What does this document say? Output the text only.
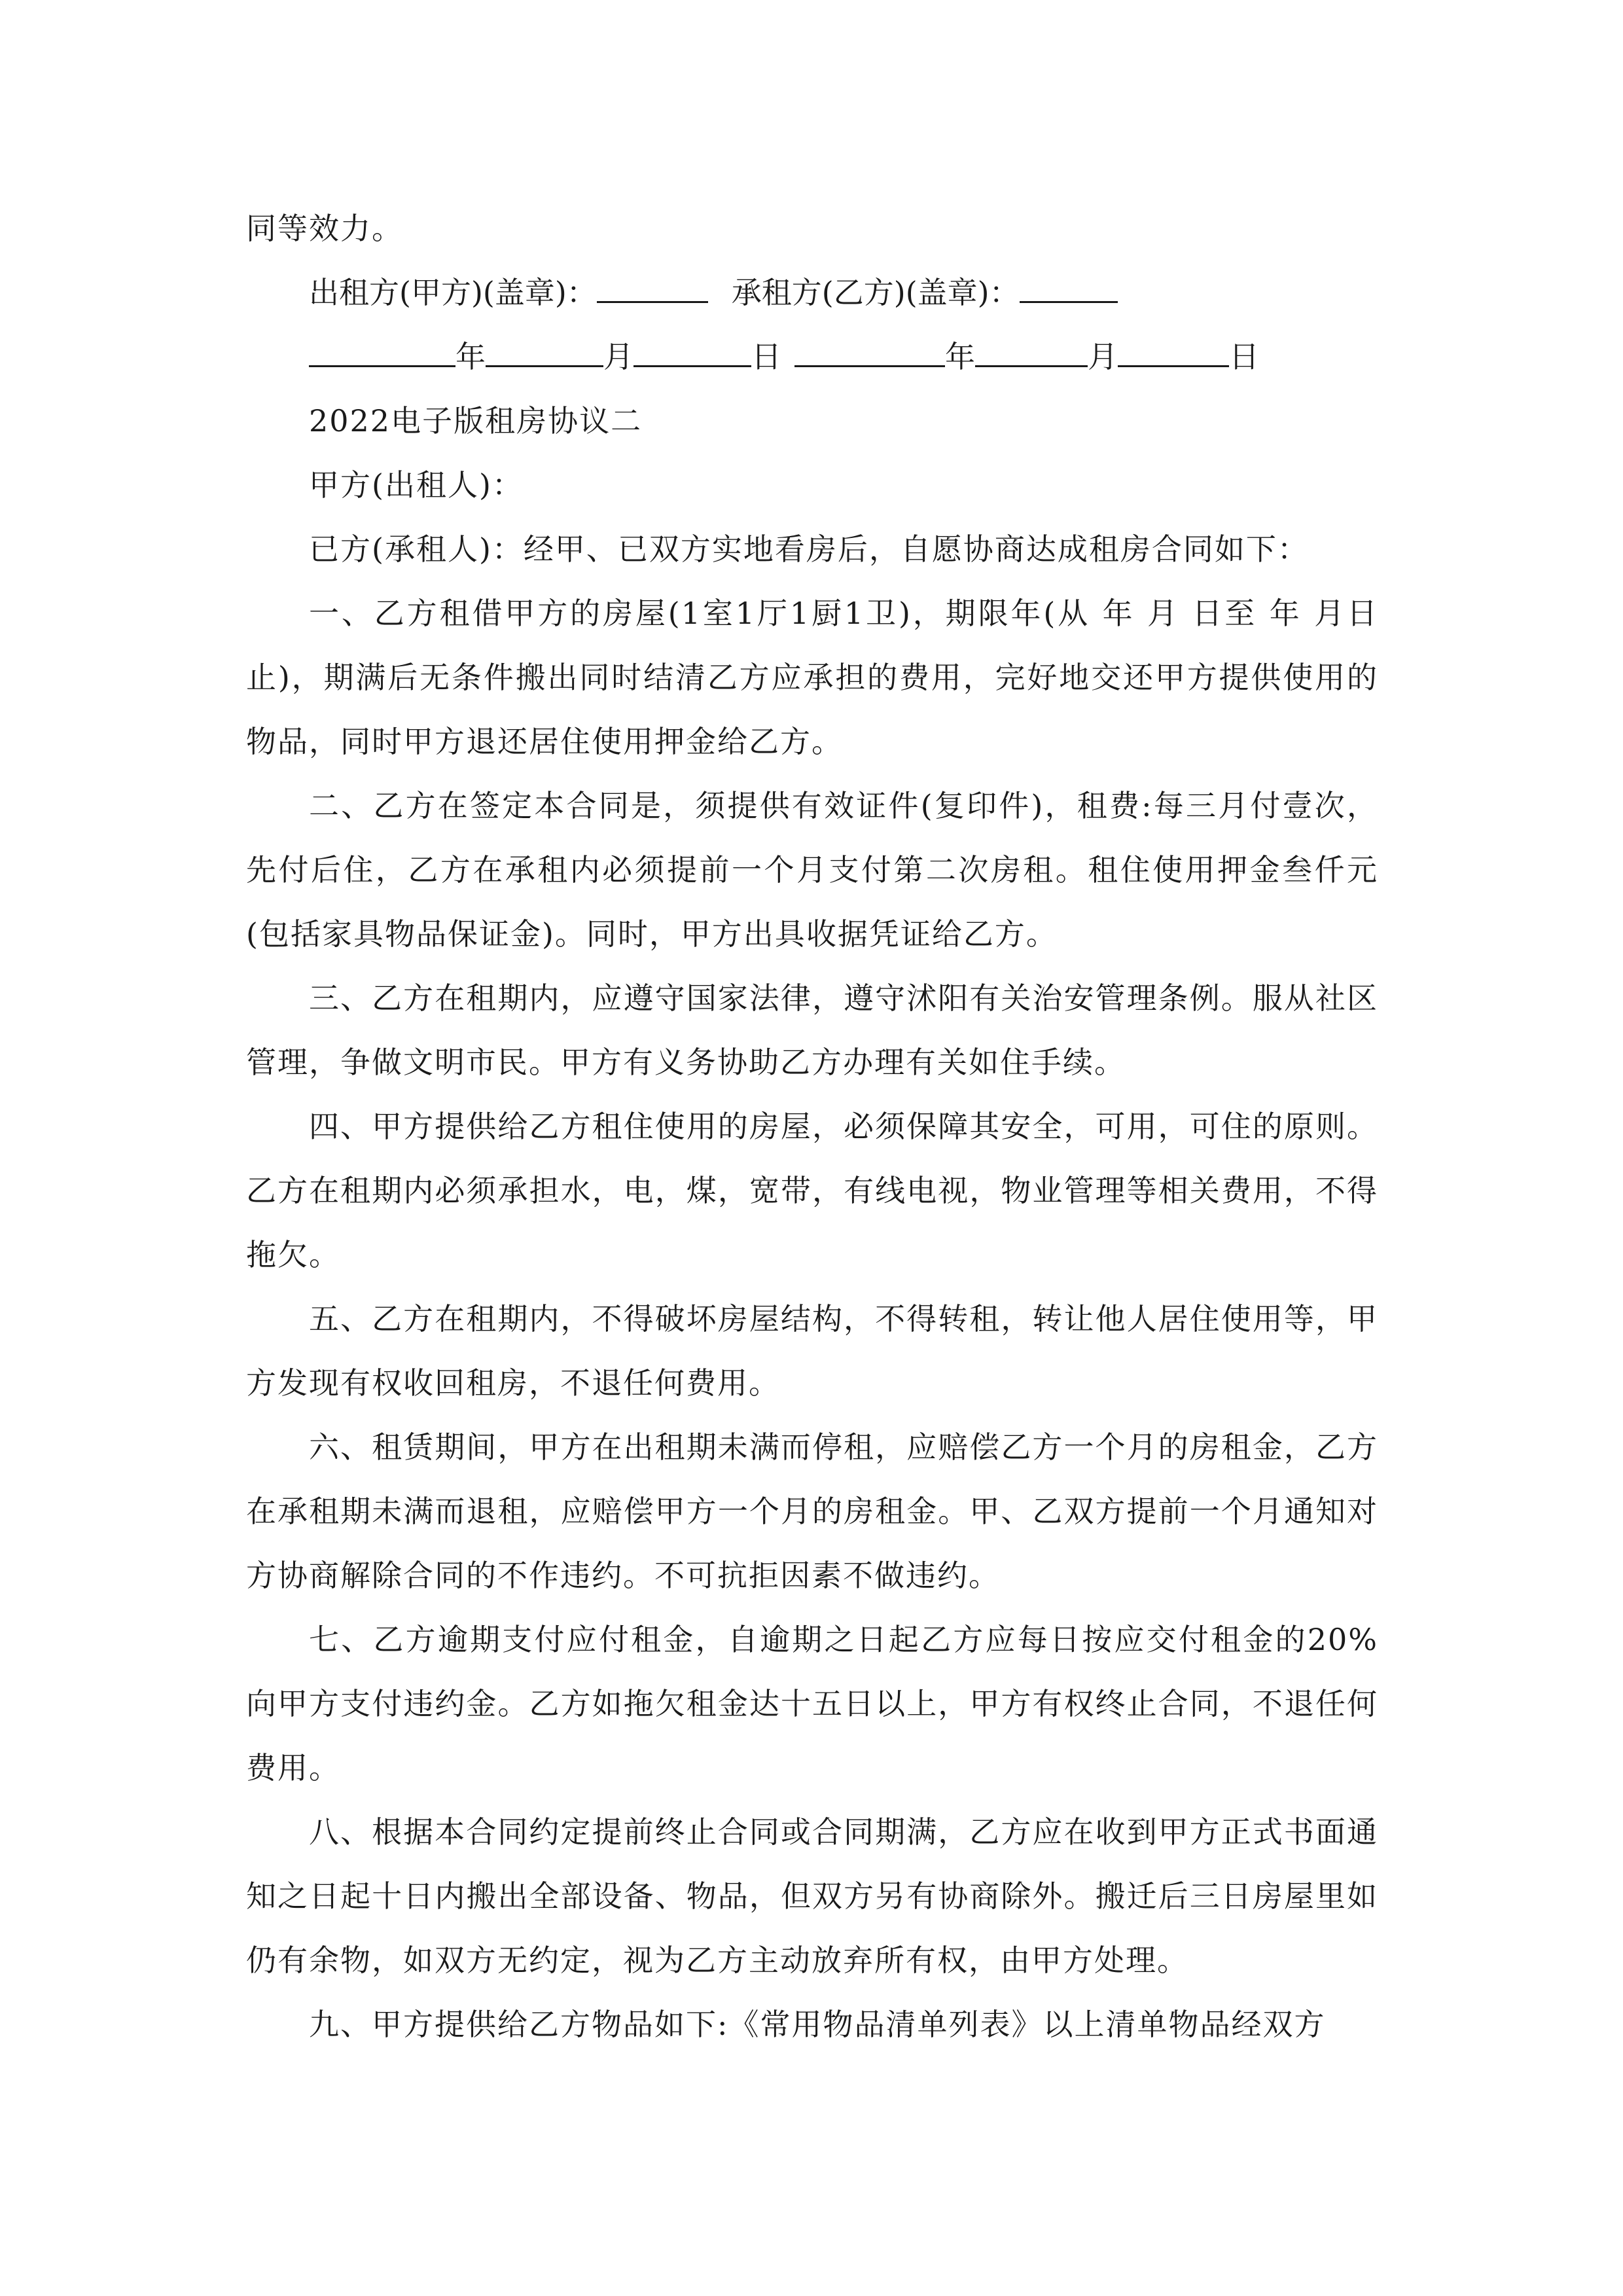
同等效力。
出租方(甲方)(盖章)：	承租方(乙方)(盖章)：
年	月	日	年	月	日
2022电子版租房协议二
甲方(出租人)：
已方(承租人)：经甲、已双方实地看房后，自愿协商达成租房合同如下：

一、乙方租借甲方的房屋(1室1厅1厨1卫)，期限年(从 年 月 日至 年 月日止)，期满后无条件搬出同时结清乙方应承担的费用，完好地交还甲方提供使用的物品，同时甲方退还居住使用押金给乙方。

二、乙方在签定本合同是，须提供有效证件(复印件)，租费:每三月付壹次，先付后住，乙方在承租内必须提前一个月支付第二次房租。租住使用押金叁仟元(包括家具物品保证金)。同时，甲方出具收据凭证给乙方。

三、乙方在租期内，应遵守国家法律，遵守沭阳有关治安管理条例。服从社区管理，争做文明市民。甲方有义务协助乙方办理有关如住手续。

四、甲方提供给乙方租住使用的房屋，必须保障其安全，可用，可住的原则。乙方在租期内必须承担水，电，煤，宽带，有线电视，物业管理等相关费用，不得拖欠。

五、乙方在租期内，不得破坏房屋结构，不得转租，转让他人居住使用等，甲方发现有权收回租房，不退任何费用。

六、租赁期间，甲方在出租期未满而停租，应赔偿乙方一个月的房租金，乙方在承租期未满而退租，应赔偿甲方一个月的房租金。甲、乙双方提前一个月通知对方协商解除合同的不作违约。不可抗拒因素不做违约。

七、乙方逾期支付应付租金，自逾期之日起乙方应每日按应交付租金的20%向甲方支付违约金。乙方如拖欠租金达十五日以上，甲方有权终止合同，不退任何费用。

八、根据本合同约定提前终止合同或合同期满，乙方应在收到甲方正式书面通知之日起十日内搬出全部设备、物品，但双方另有协商除外。搬迁后三日房屋里如仍有余物，如双方无约定，视为乙方主动放弃所有权，由甲方处理。

九、甲方提供给乙方物品如下:《常用物品清单列表》以上清单物品经双方
